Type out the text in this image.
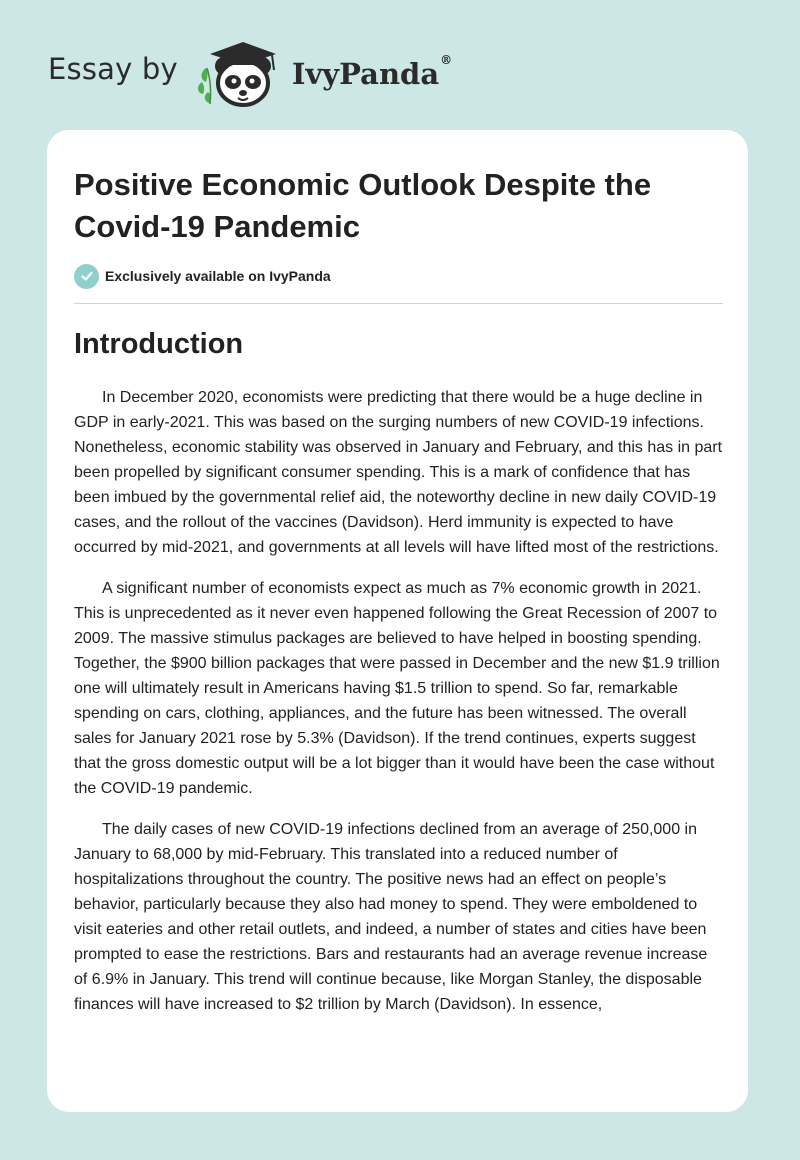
Essay by	IvyPanda®
Positive Economic Outlook Despite the Covid-19 Pandemic
Exclusively available on IvyPanda
Introduction

In December 2020, economists were predicting that there would be a huge decline in GDP in early-2021. This was based on the surging numbers of new COVID-19 infections. Nonetheless, economic stability was observed in January and February, and this has in part been propelled by significant consumer spending. This is a mark of confidence that has been imbued by the governmental relief aid, the noteworthy decline in new daily COVID-19 cases, and the rollout of the vaccines (Davidson). Herd immunity is expected to have occurred by mid-2021, and governments at all levels will have lifted most of the restrictions.

A significant number of economists expect as much as 7% economic growth in 2021. This is unprecedented as it never even happened following the Great Recession of 2007 to 2009. The massive stimulus packages are believed to have helped in boosting spending. Together, the $900 billion packages that were passed in December and the new $1.9 trillion one will ultimately result in Americans having $1.5 trillion to spend. So far, remarkable spending on cars, clothing, appliances, and the future has been witnessed. The overall sales for January 2021 rose by 5.3% (Davidson). If the trend continues, experts suggest that the gross domestic output will be a lot bigger than it would have been the case without the COVID-19 pandemic.

The daily cases of new COVID-19 infections declined from an average of 250,000 in January to 68,000 by mid-February. This translated into a reduced number of hospitalizations throughout the country. The positive news had an effect on people’s behavior, particularly because they also had money to spend. They were emboldened to visit eateries and other retail outlets, and indeed, a number of states and cities have been prompted to ease the restrictions. Bars and restaurants had an average revenue increase of 6.9% in January. This trend will continue because, like Morgan Stanley, the disposable finances will have increased to $2 trillion by March (Davidson). In essence,
